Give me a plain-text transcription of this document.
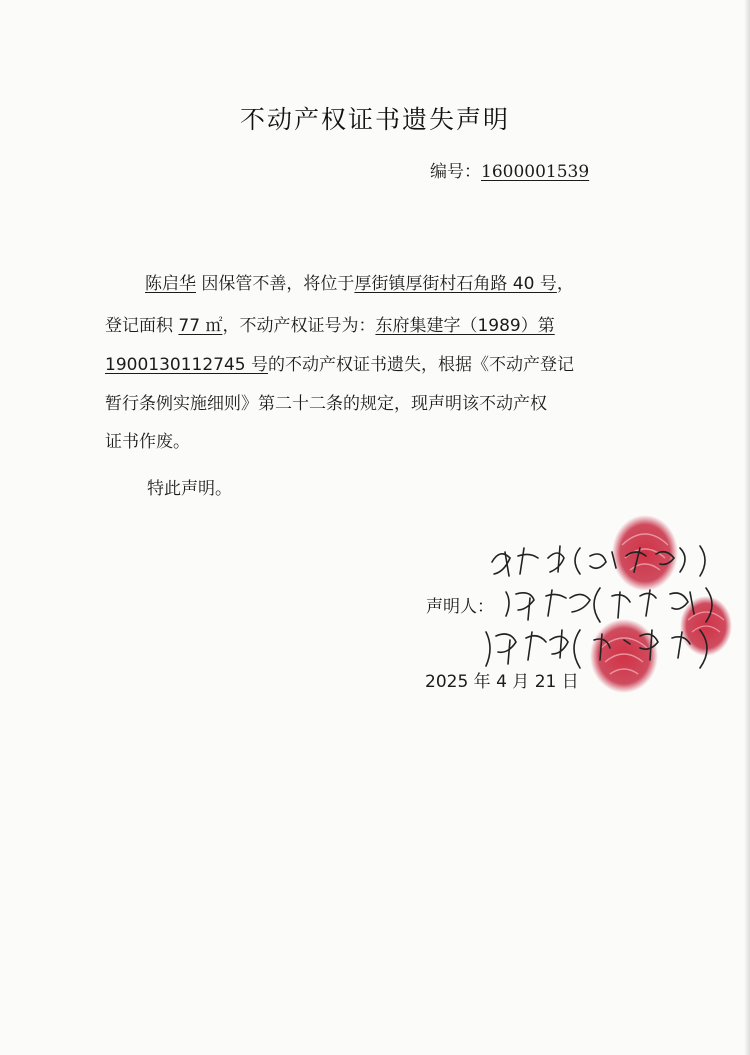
不动产权证书遗失声明
编号：1600001539
陈启华 因保管不善，将位于厚街镇厚街村石角路 40 号，
登记面积 77 ㎡，不动产权证号为：东府集建字（1989）第
1900130112745 号的不动产权证书遗失，根据《不动产登记
暂行条例实施细则》第二十二条的规定，现声明该不动产权
证书作废。
特此声明。
声明人：
2025 年 4 月 21 日
